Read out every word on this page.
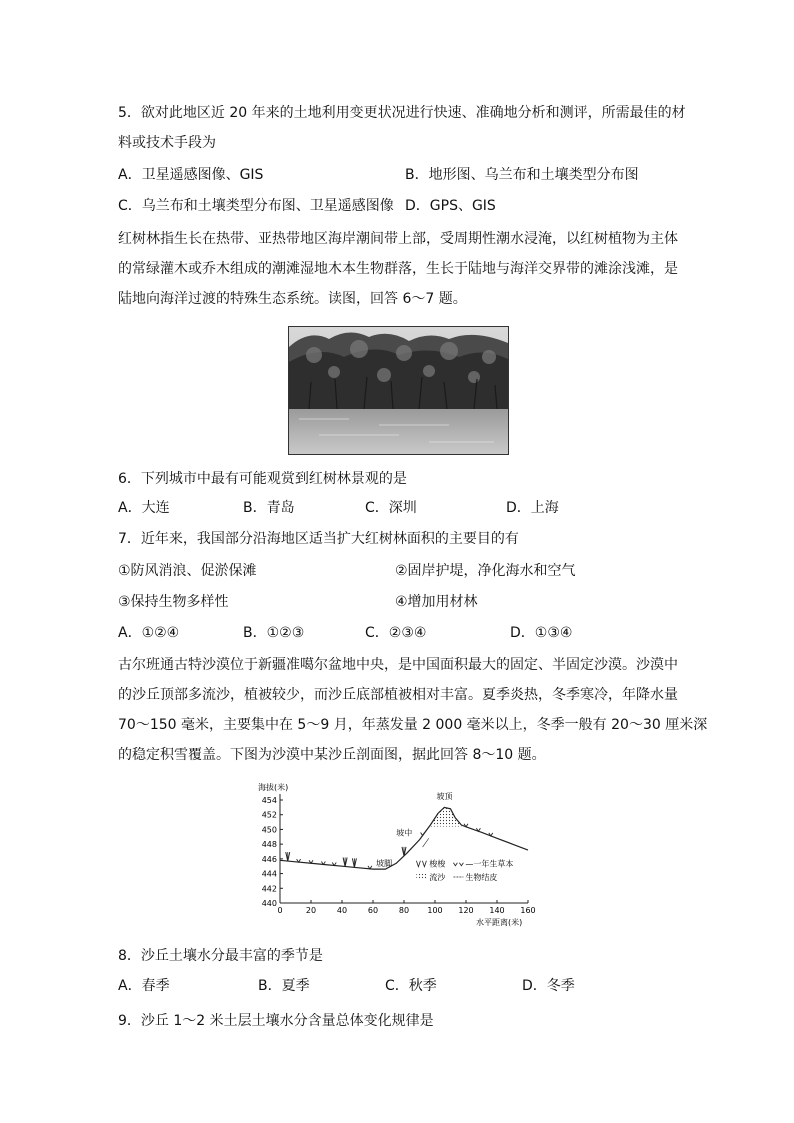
5．欲对此地区近 20 年来的土地利用变更状况进行快速、准确地分析和测评，所需最佳的材
料或技术手段为
A．卫星遥感图像、GIS	B．地形图、乌兰布和土壤类型分布图
C．乌兰布和土壤类型分布图、卫星遥感图像 D．GPS、GIS
红树林指生长在热带、亚热带地区海岸潮间带上部，受周期性潮水浸淹，以红树植物为主体
的常绿灌木或乔木组成的潮滩湿地木本生物群落，生长于陆地与海洋交界带的滩涂浅滩，是
陆地向海洋过渡的特殊生态系统。读图，回答 6～7 题。
6．下列城市中最有可能观赏到红树林景观的是
A．大连	B．青岛	C．深圳	D．上海
7．近年来，我国部分沿海地区适当扩大红树林面积的主要目的有
①防风消浪、促淤保滩	②固岸护堤，净化海水和空气
③保持生物多样性	④增加用材林
A．①②④	B．①②③	C．②③④	D．①③④
古尔班通古特沙漠位于新疆准噶尔盆地中央，是中国面积最大的固定、半固定沙漠。沙漠中
的沙丘顶部多流沙，植被较少，而沙丘底部植被相对丰富。夏季炎热，冬季寒冷，年降水量
70～150 毫米，主要集中在 5～9 月，年蒸发量 2 000 毫米以上，冬季一般有 20～30 厘米深
的稳定积雪覆盖。下图为沙漠中某沙丘剖面图，据此回答 8～10 题。
海拔(米)
水平距离(米)
440
442
444
446
448
450
452
454
0	20	40	60	80 100 120 140 160
坡顶
坡中
坡脚	梭梭	—一年生草本
流沙	生物结皮
8．沙丘土壤水分最丰富的季节是
A．春季	B．夏季	C．秋季	D．冬季
9．沙丘 1～2 米土层土壤水分含量总体变化规律是
